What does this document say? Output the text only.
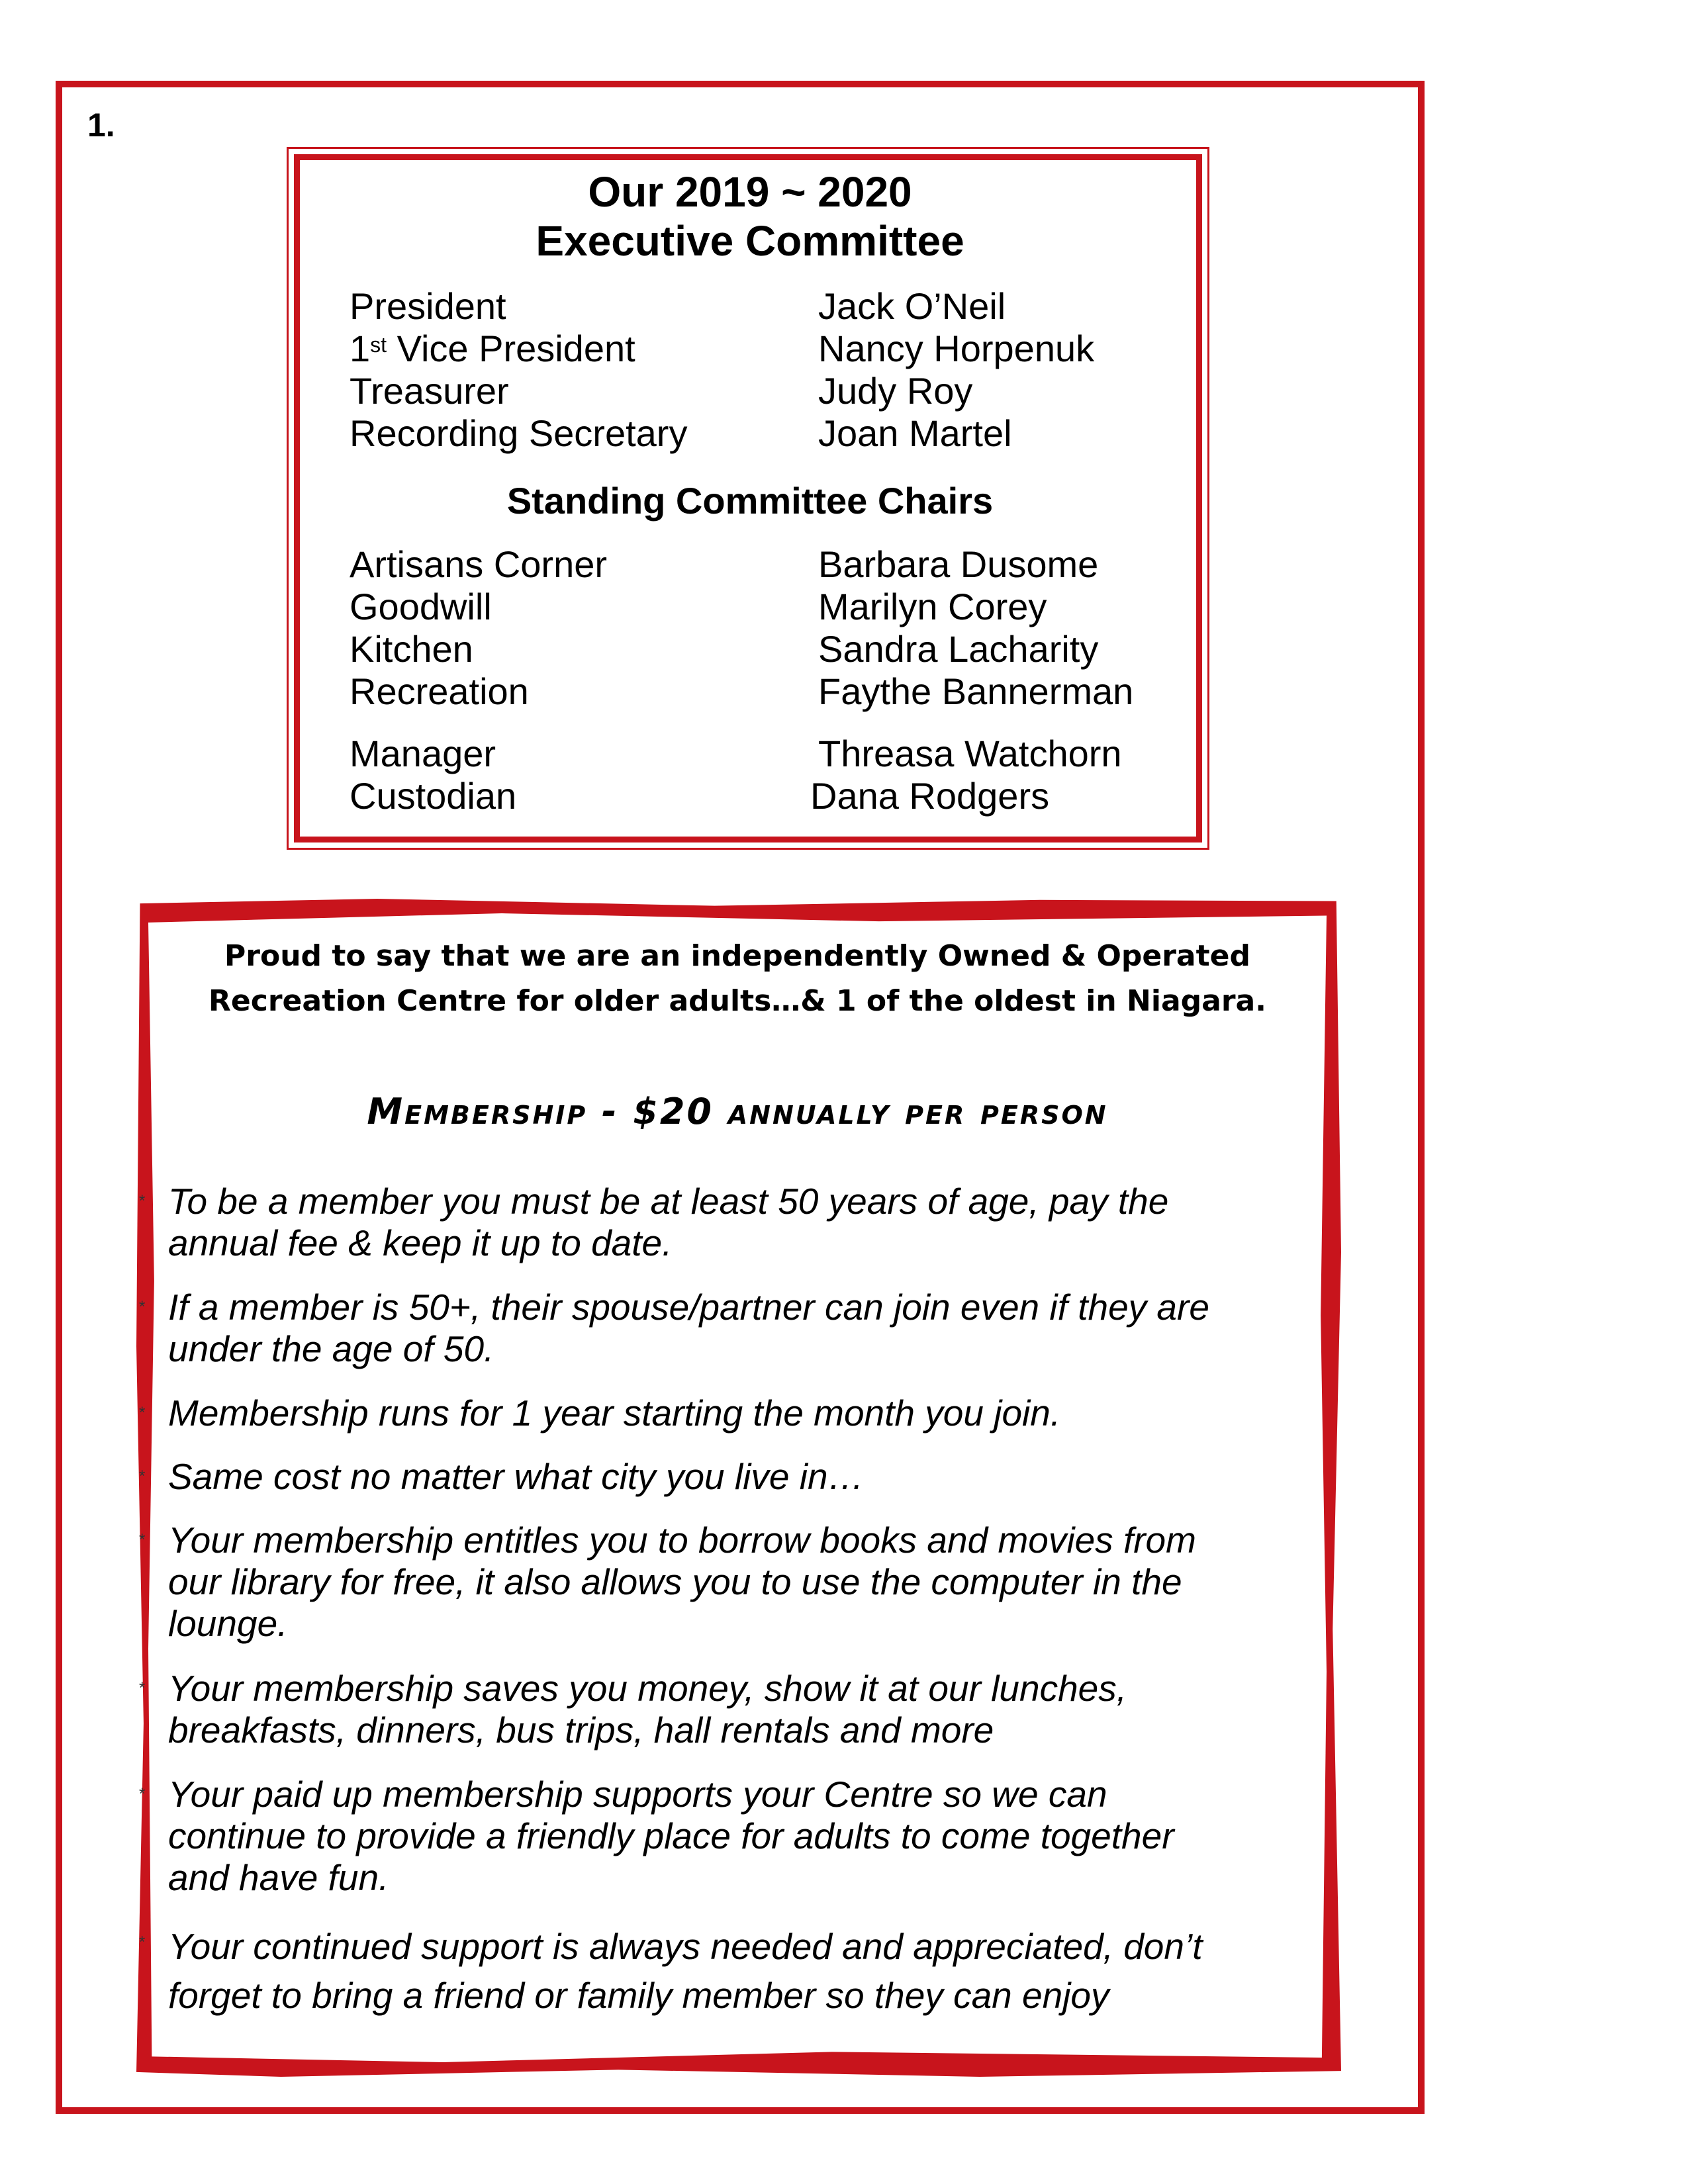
1.
Our 2019 ~ 2020
Executive Committee
President	Jack O’Neil
1st Vice President	Nancy Horpenuk
Treasurer	Judy Roy
Recording Secretary	Joan Martel
Standing Committee Chairs
Artisans Corner	Barbara Dusome
Goodwill	Marilyn Corey
Kitchen	Sandra Lacharity
Recreation	Faythe Bannerman
Manager	Threasa Watchorn
Custodian	Dana Rodgers
Proud to say that we are an independently Owned & Operated
Recreation Centre for older adults…& 1 of the oldest in Niagara.
Membership - $20 annually per person
* To be a member you must be at least 50 years of age, pay the
annual fee & keep it up to date.
* If a member is 50+, their spouse/partner can join even if they are
under the age of 50.
* Membership runs for 1 year starting the month you join.
* Same cost no matter what city you live in…
* Your membership entitles you to borrow books and movies from
our library for free, it also allows you to use the computer in the
lounge.
* Your membership saves you money, show it at our lunches,
breakfasts, dinners, bus trips, hall rentals and more
* Your paid up membership supports your Centre so we can
continue to provide a friendly place for adults to come together
and have fun.
* Your continued support is always needed and appreciated, don’t
forget to bring a friend or family member so they can enjoy
